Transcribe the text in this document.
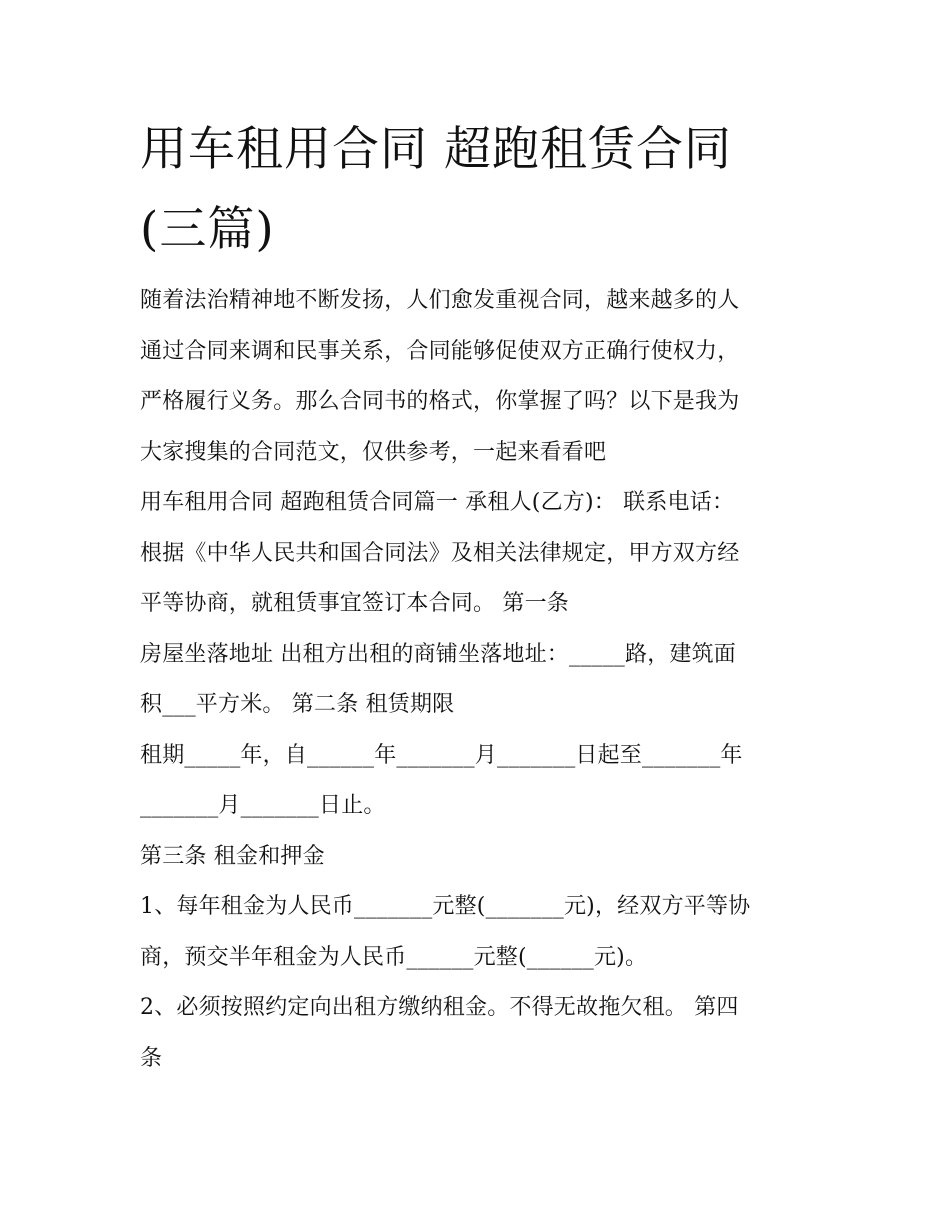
用车租用合同 超跑租赁合同
(三篇)

随着法治精神地不断发扬，人们愈发重视合同，越来越多的人

通过合同来调和民事关系，合同能够促使双方正确行使权力，

严格履行义务。那么合同书的格式，你掌握了吗？以下是我为

大家搜集的合同范文，仅供参考，一起来看看吧

用车租用合同 超跑租赁合同篇一 承租人(乙方)： 联系电话：

根据《中华人民共和国合同法》及相关法律规定，甲方双方经

平等协商，就租赁事宜签订本合同。 第一条

房屋坐落地址 出租方出租的商铺坐落地址：_____路，建筑面

积___平方米。 第二条 租赁期限

租期_____年，自______年_______月_______日起至_______年

_______月_______日止。

第三条 租金和押金

1、每年租金为人民币_______元整(_______元)，经双方平等协

商，预交半年租金为人民币______元整(______元)。

2、必须按照约定向出租方缴纳租金。不得无故拖欠租。 第四

条
